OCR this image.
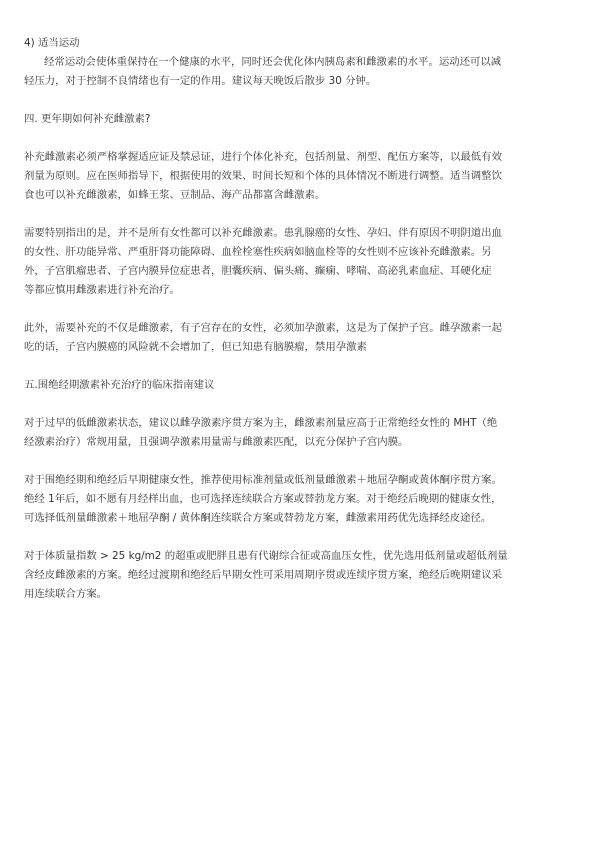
4) 适当运动

经常运动会使体重保持在一个健康的水平，同时还会优化体内胰岛素和雌激素的水平。运动还可以减

轻压力，对于控制不良情绪也有一定的作用。建议每天晚饭后散步 30 分钟。

四. 更年期如何补充雌激素?

补充雌激素必须严格掌握适应证及禁忌证，进行个体化补充，包括剂量、剂型、配伍方案等，以最低有效

剂量为原则。应在医师指导下，根据使用的效果、时间长短和个体的具体情况不断进行调整。适当调整饮

食也可以补充雌激素，如蜂王浆、豆制品、海产品都富含雌激素。

需要特别指出的是，并不是所有女性都可以补充雌激素。患乳腺癌的女性、孕妇、伴有原因不明阴道出血

的女性、肝功能异常、严重肝肾功能障碍、血栓栓塞性疾病如脑血栓等的女性则不应该补充雌激素。另

外，子宫肌瘤患者、子宫内膜异位症患者，胆囊疾病、偏头痛、癫痫、哮喘、高泌乳素血症、耳硬化症

等都应慎用雌激素进行补充治疗。

此外，需要补充的不仅是雌激素，有子宫存在的女性，必须加孕激素，这是为了保护子宫。雌孕激素一起

吃的话，子宫内膜癌的风险就不会增加了，但已知患有脑膜瘤，禁用孕激素

五.围绝经期激素补充治疗的临床指南建议

对于过早的低雌激素状态，建议以雌孕激素序贯方案为主，雌激素剂量应高于正常绝经女性的 MHT（绝

经激素治疗）常规用量，且强调孕激素用量需与雌激素匹配，以充分保护子宫内膜。

对于围绝经期和绝经后早期健康女性，推荐使用标准剂量或低剂量雌激素＋地屈孕酮或黄体酮序贯方案。

绝经 1年后，如不愿有月经样出血，也可选择连续联合方案或替勃龙方案。对于绝经后晚期的健康女性，

可选择低剂量雌激素＋地屈孕酮 / 黄体酮连续联合方案或替勃龙方案，雌激素用药优先选择经皮途径。

对于体质量指数 > 25 kg/m2 的超重或肥胖且患有代谢综合征或高血压女性，优先选用低剂量或超低剂量

含经皮雌激素的方案。绝经过渡期和绝经后早期女性可采用周期序贯或连续序贯方案，绝经后晚期建议采

用连续联合方案。
